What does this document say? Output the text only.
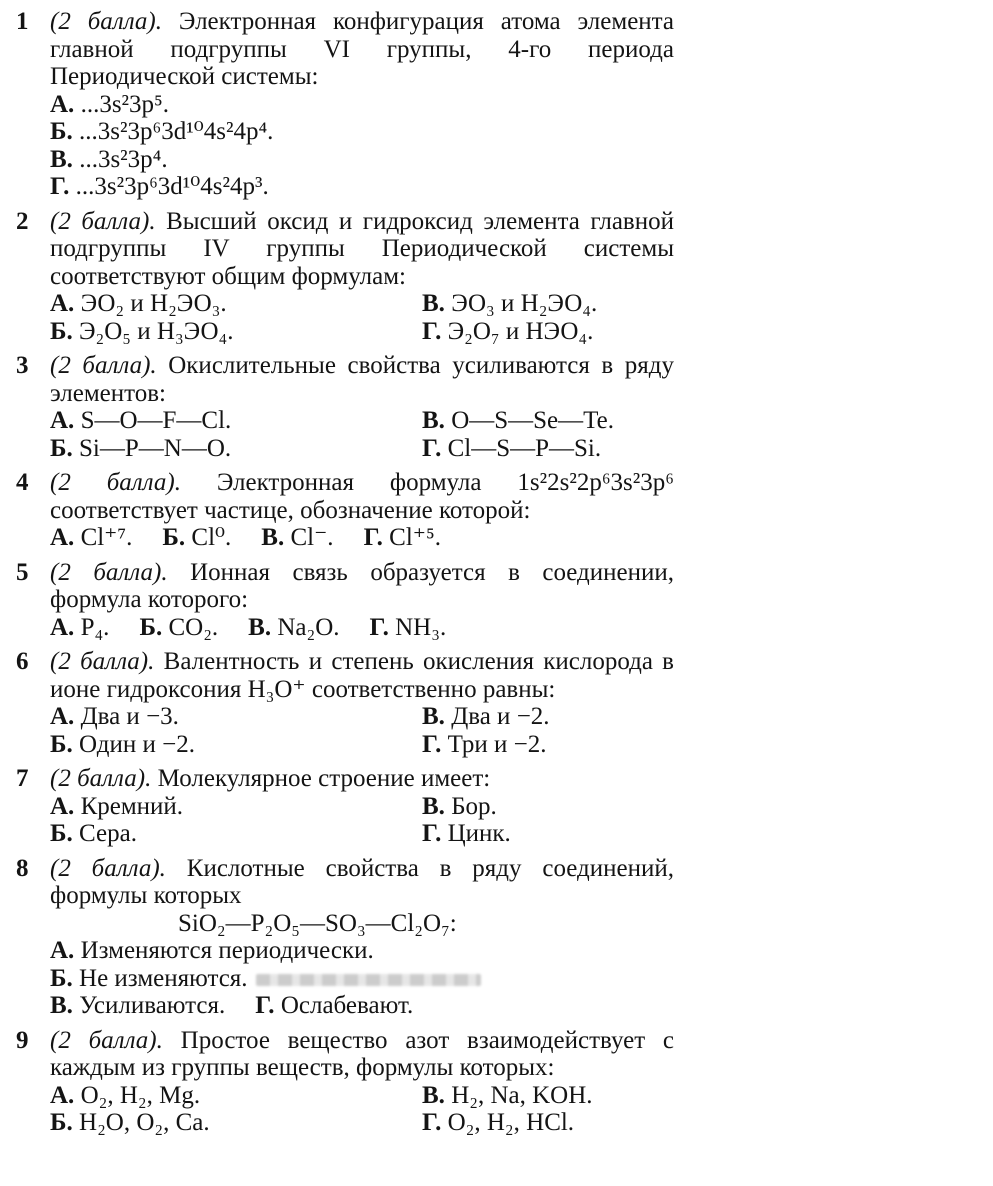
1 (2 балла). Электронная конфигурация атома элемента главной подгруппы VI группы, 4-го периода Периодической системы:

А. ...3s²3p⁵.
Б. ...3s²3p⁶3d¹⁰4s²4p⁴.
В. ...3s²3p⁴.
Г. ...3s²3p⁶3d¹⁰4s²4p³.
2 (2 балла). Высший оксид и гидроксид элемента главной подгруппы IV группы Периодической системы соответствуют общим формулам:

А. ЭО₂ и Н₂ЭО₃.	В. ЭО₃ и Н₂ЭО₄.
Б. Э₂О₅ и Н₃ЭО₄.	Г. Э₂О₇ и НЭО₄.
3 (2 балла). Окислительные свойства усиливаются в ряду элементов:

А. S—O—F—Cl.	В. O—S—Se—Te.
Б. Si—P—N—O.	Г. Cl—S—P—Si.
4 (2 балла). Электронная формула 1s²2s²2p⁶3s²3p⁶ соответствует частице, обозначение которой:

А. Cl⁺⁷. Б. Cl⁰. В. Cl⁻. Г. Cl⁺⁵.
5 (2 балла). Ионная связь образуется в соединении, формула которого:

А. P₄. Б. CO₂. В. Na₂O. Г. NH₃.
6 (2 балла). Валентность и степень окисления кислорода в ионе гидроксония H₃O⁺ соответственно равны:

А. Два и −3.	В. Два и −2.
Б. Один и −2.	Г. Три и −2.
7 (2 балла). Молекулярное строение имеет:

А. Кремний.	В. Бор.
Б. Сера.	Г. Цинк.
8 (2 балла). Кислотные свойства в ряду соединений, формулы которых

SiO₂—P₂O₅—SO₃—Cl₂O₇:
А. Изменяются периодически.
Б. Не изменяются.
В. Усиливаются. Г. Ослабевают.
9 (2 балла). Простое вещество азот взаимодействует с каждым из группы веществ, формулы которых:

А. O₂, H₂, Mg.	В. H₂, Na, KOH.
Б. H₂O, O₂, Ca.	Г. O₂, H₂, HCl.
